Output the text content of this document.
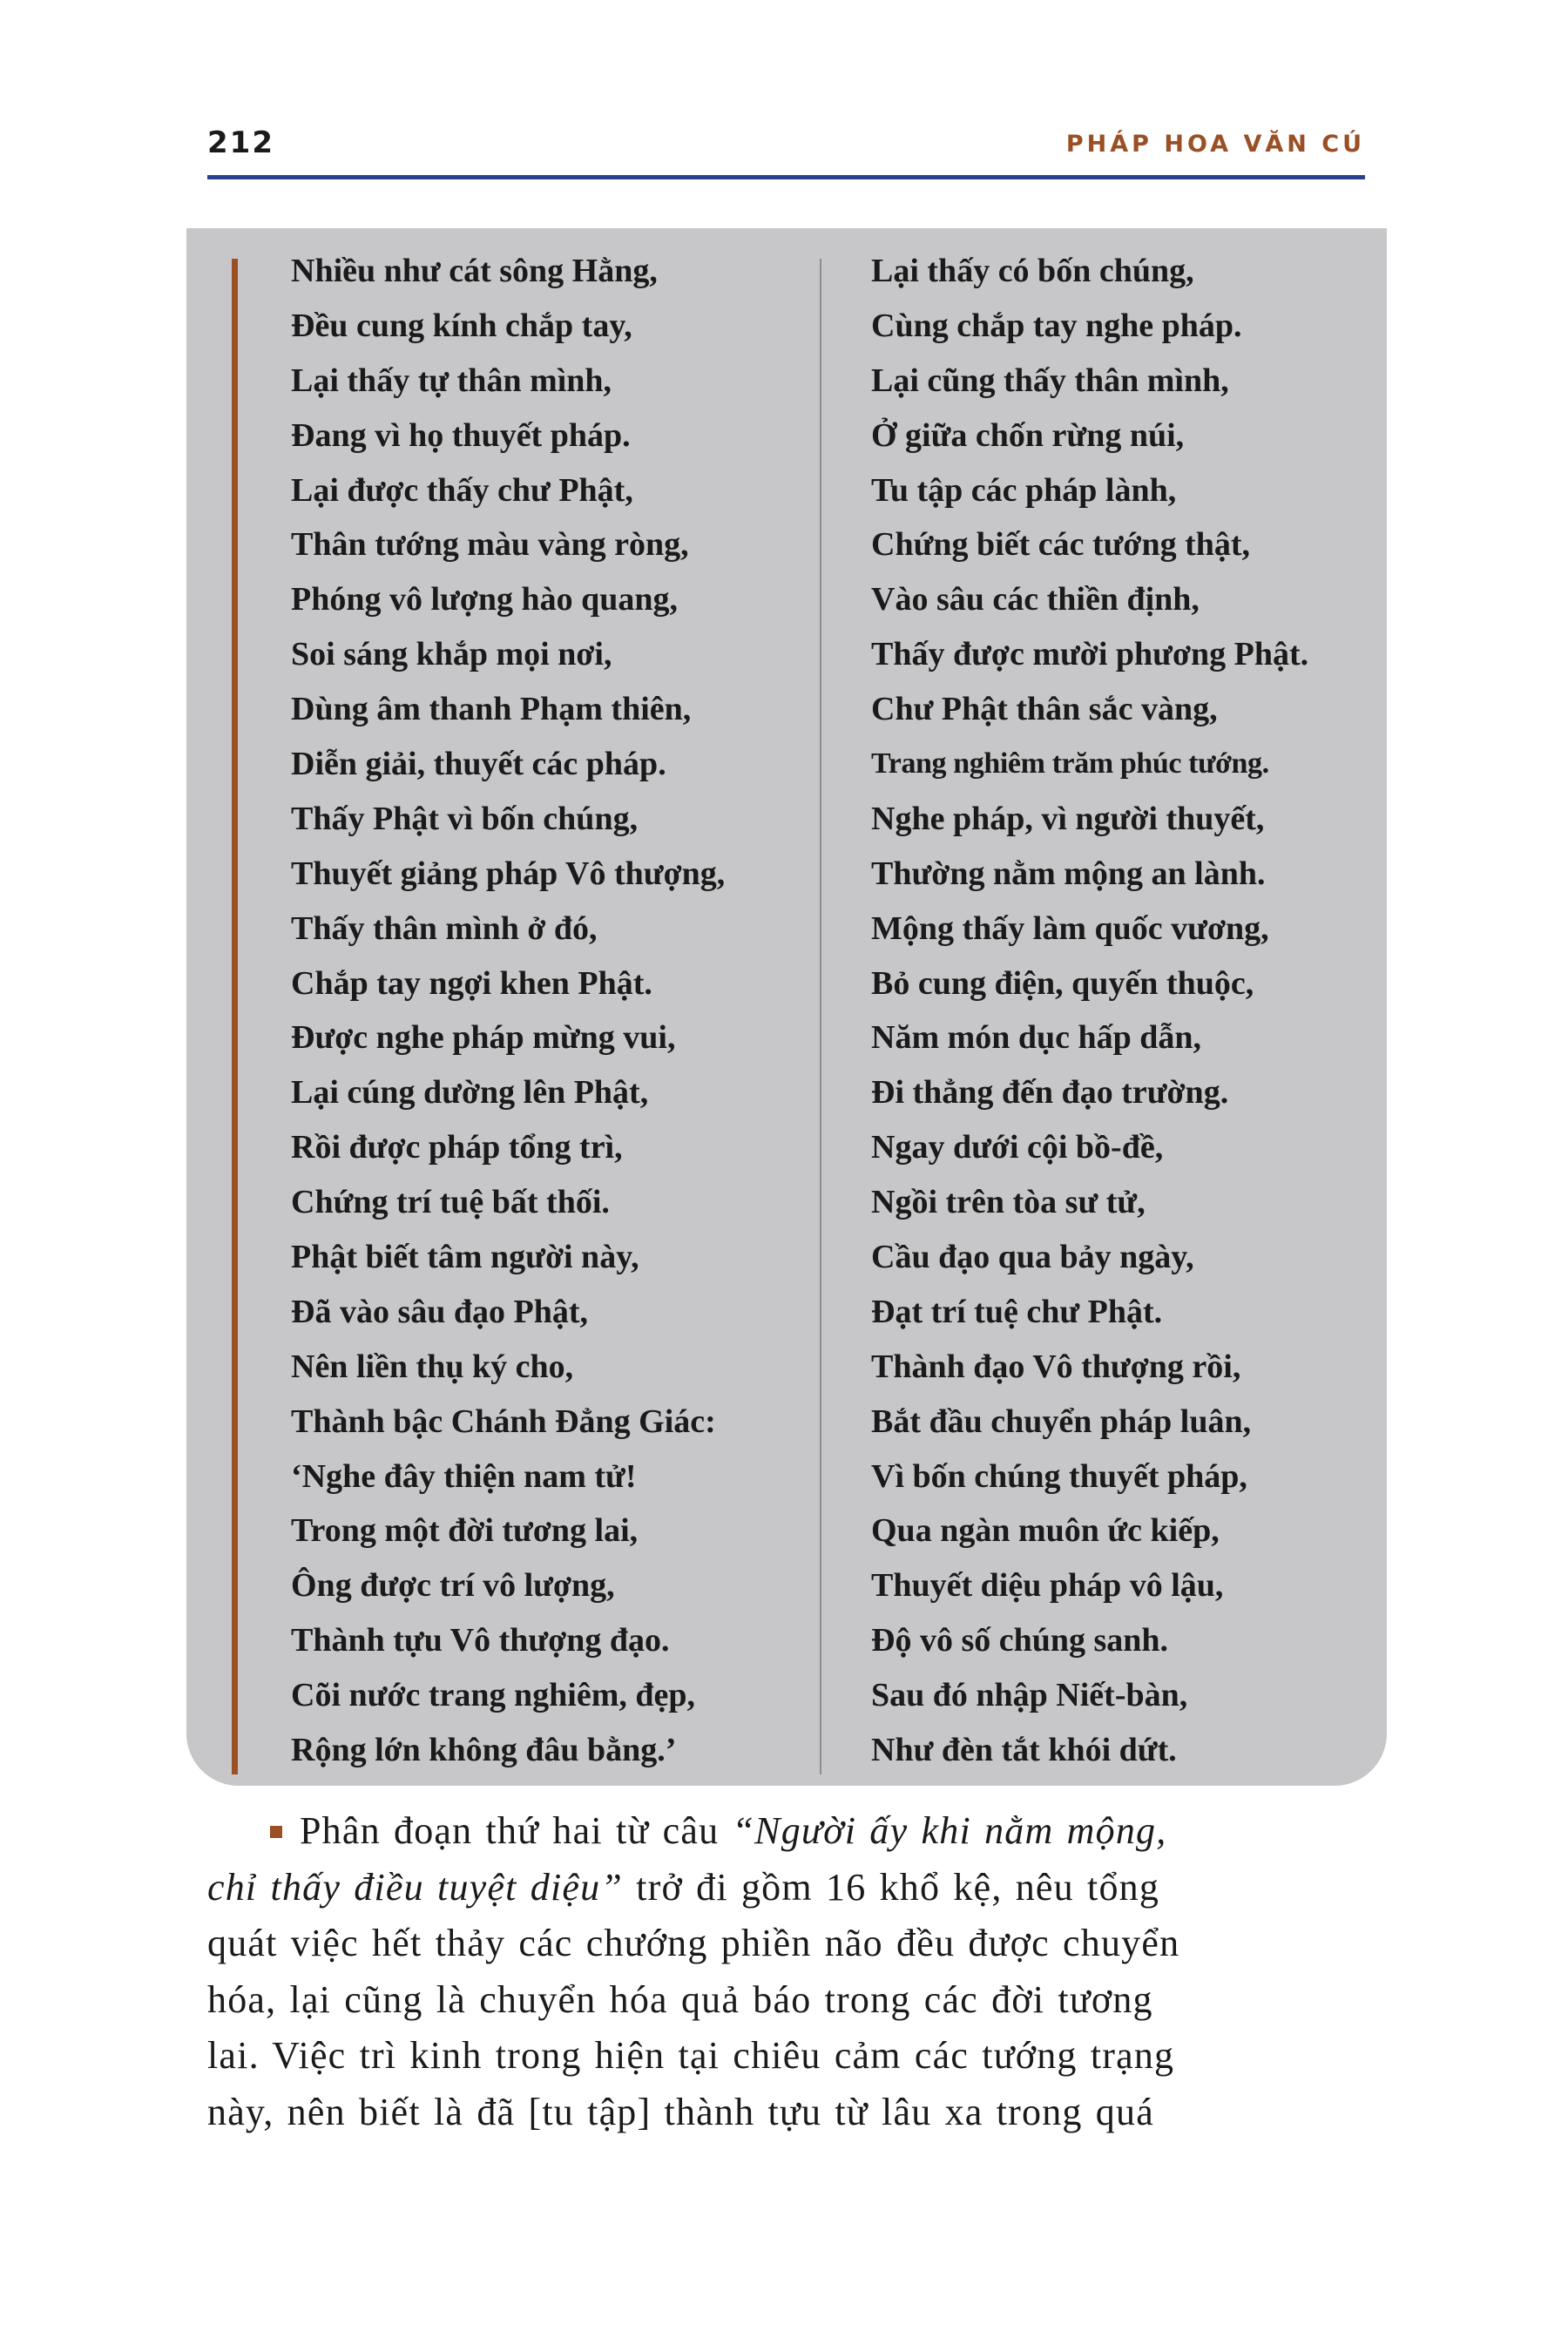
212	PHÁP HOA VĂN CÚ
Nhiều như cát sông Hằng,
Đều cung kính chắp tay,
Lại thấy tự thân mình,
Đang vì họ thuyết pháp.
Lại được thấy chư Phật,
Thân tướng màu vàng ròng,
Phóng vô lượng hào quang,
Soi sáng khắp mọi nơi,
Dùng âm thanh Phạm thiên,
Diễn giải, thuyết các pháp.
Thấy Phật vì bốn chúng,
Thuyết giảng pháp Vô thượng,
Thấy thân mình ở đó,
Chắp tay ngợi khen Phật.
Được nghe pháp mừng vui,
Lại cúng dường lên Phật,
Rồi được pháp tổng trì,
Chứng trí tuệ bất thối.
Phật biết tâm người này,
Đã vào sâu đạo Phật,
Nên liền thụ ký cho,
Thành bậc Chánh Đẳng Giác:
‘Nghe đây thiện nam tử!
Trong một đời tương lai,
Ông được trí vô lượng,
Thành tựu Vô thượng đạo.
Cõi nước trang nghiêm, đẹp,
Rộng lớn không đâu bằng.’
Lại thấy có bốn chúng,
Cùng chắp tay nghe pháp.
Lại cũng thấy thân mình,
Ở giữa chốn rừng núi,
Tu tập các pháp lành,
Chứng biết các tướng thật,
Vào sâu các thiền định,
Thấy được mười phương Phật.
Chư Phật thân sắc vàng,
Trang nghiêm trăm phúc tướng.
Nghe pháp, vì người thuyết,
Thường nằm mộng an lành.
Mộng thấy làm quốc vương,
Bỏ cung điện, quyến thuộc,
Năm món dục hấp dẫn,
Đi thẳng đến đạo trường.
Ngay dưới cội bồ-đề,
Ngồi trên tòa sư tử,
Cầu đạo qua bảy ngày,
Đạt trí tuệ chư Phật.
Thành đạo Vô thượng rồi,
Bắt đầu chuyển pháp luân,
Vì bốn chúng thuyết pháp,
Qua ngàn muôn ức kiếp,
Thuyết diệu pháp vô lậu,
Độ vô số chúng sanh.
Sau đó nhập Niết-bàn,
Như đèn tắt khói dứt.
Phân đoạn thứ hai từ câu “Người ấy khi nằm mộng,
chỉ thấy điều tuyệt diệu” trở đi gồm 16 khổ kệ, nêu tổng
quát việc hết thảy các chướng phiền não đều được chuyển
hóa, lại cũng là chuyển hóa quả báo trong các đời tương
lai. Việc trì kinh trong hiện tại chiêu cảm các tướng trạng
này, nên biết là đã [tu tập] thành tựu từ lâu xa trong quá
